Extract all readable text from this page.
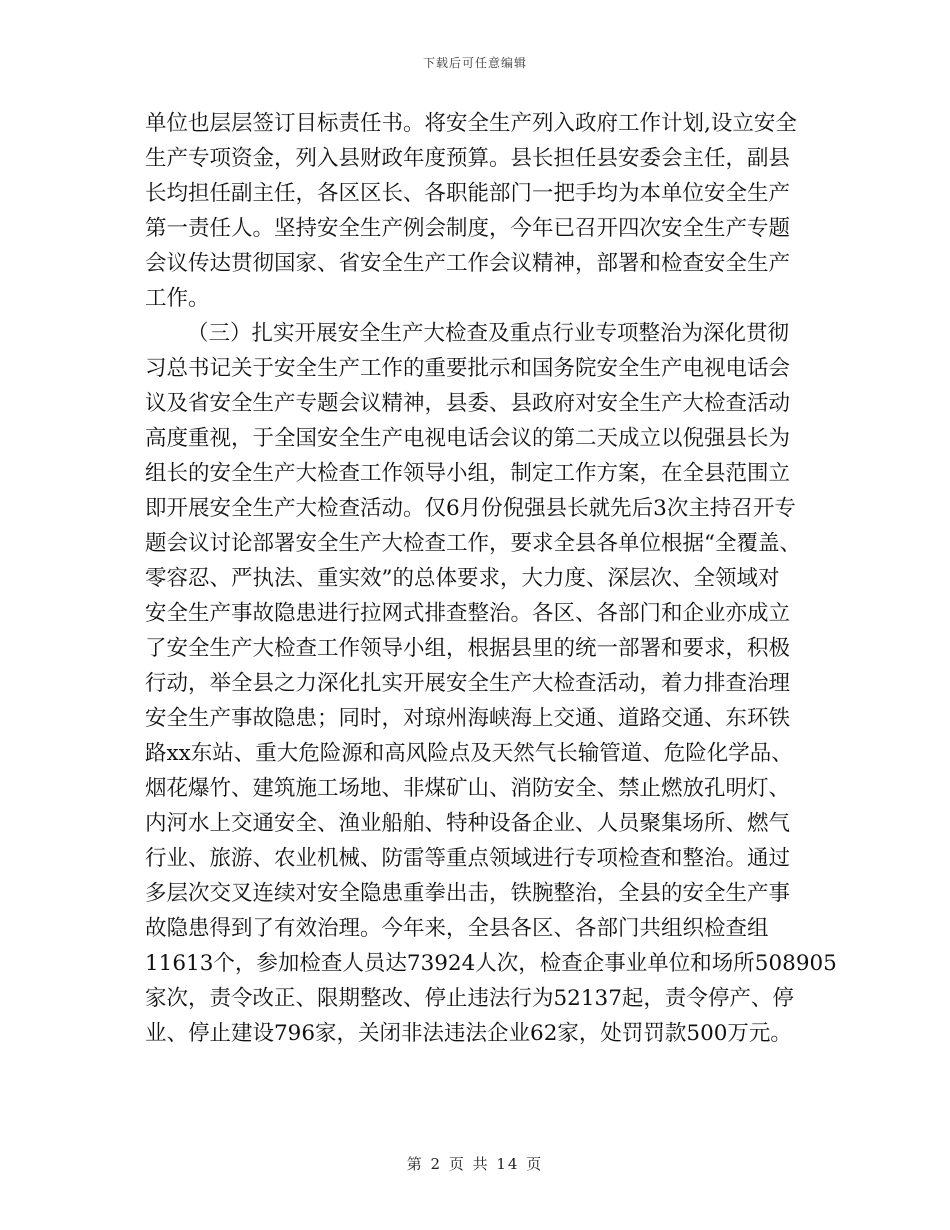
下载后可任意编辑
单位也层层签订目标责任书。将安全生产列入政府工作计划,设立安全
生产专项资金，列入县财政年度预算。县长担任县安委会主任，副县
长均担任副主任，各区区长、各职能部门一把手均为本单位安全生产
第一责任人。坚持安全生产例会制度，今年已召开四次安全生产专题
会议传达贯彻国家、省安全生产工作会议精神，部署和检查安全生产
工作。
（三）扎实开展安全生产大检查及重点行业专项整治为深化贯彻
习总书记关于安全生产工作的重要批示和国务院安全生产电视电话会
议及省安全生产专题会议精神，县委、县政府对安全生产大检查活动
高度重视，于全国安全生产电视电话会议的第二天成立以倪强县长为
组长的安全生产大检查工作领导小组，制定工作方案，在全县范围立
即开展安全生产大检查活动。仅6月份倪强县长就先后3次主持召开专
题会议讨论部署安全生产大检查工作，要求全县各单位根据“全覆盖、
零容忍、严执法、重实效”的总体要求，大力度、深层次、全领域对
安全生产事故隐患进行拉网式排查整治。各区、各部门和企业亦成立
了安全生产大检查工作领导小组，根据县里的统一部署和要求，积极
行动，举全县之力深化扎实开展安全生产大检查活动，着力排查治理
安全生产事故隐患；同时，对琼州海峡海上交通、道路交通、东环铁
路xx东站、重大危险源和高风险点及天然气长输管道、危险化学品、
烟花爆竹、建筑施工场地、非煤矿山、消防安全、禁止燃放孔明灯、
内河水上交通安全、渔业船舶、特种设备企业、人员聚集场所、燃气
行业、旅游、农业机械、防雷等重点领域进行专项检查和整治。通过
多层次交叉连续对安全隐患重拳出击，铁腕整治，全县的安全生产事
故隐患得到了有效治理。今年来，全县各区、各部门共组织检查组
11613个，参加检查人员达73924人次，检查企事业单位和场所508905
家次，责令改正、限期整改、停止违法行为52137起，责令停产、停
业、停止建设796家，关闭非法违法企业62家，处罚罚款500万元。
第 2 页 共 14 页
